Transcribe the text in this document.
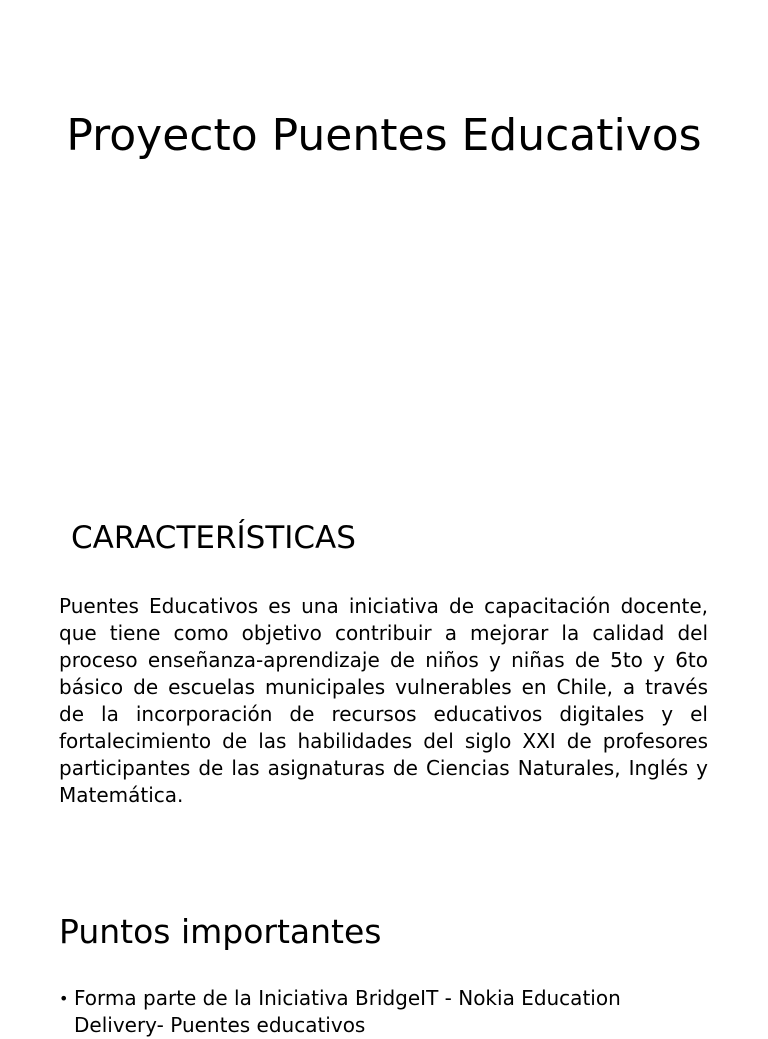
Proyecto Puentes Educativos
CARACTERÍSTICAS

Puentes Educativos es una iniciativa de capacitación docente, que tiene como objetivo contribuir a mejorar la calidad del proceso enseñanza-aprendizaje de niños y niñas de 5to y 6to básico de escuelas municipales vulnerables en Chile, a través de la incorporación de recursos educativos digitales y el fortalecimiento de las habilidades del siglo XXI de profesores participantes de las asignaturas de Ciencias Naturales, Inglés y Matemática.

Puntos importantes
• Forma parte de la Iniciativa BridgeIT - Nokia Education Delivery- Puentes educativos
